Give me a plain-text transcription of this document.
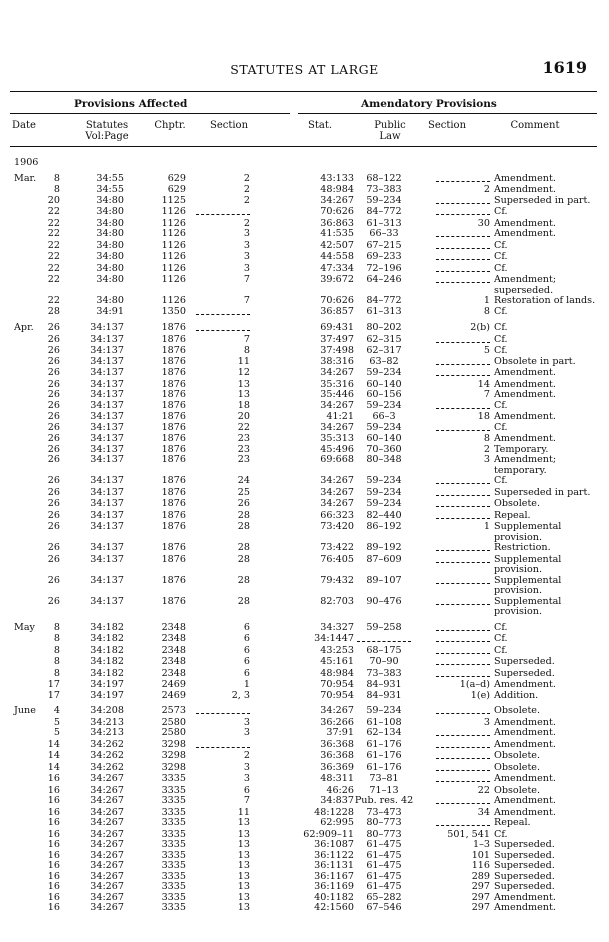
STATUTES AT LARGE	1619
Provisions Affected	Amendatory Provisions
Date	Statutes Vol:Page
Chptr.	Section	Stat.	Public Law
Section	Comment
1906								
Mar.	8	34:55	629	2	43:133	68–122		Amendment.
	8	34:55	629	2	48:984	73–383	2	Amendment.
	20	34:80	1125	2	34:267	59–234		Superseded in part.
	22	34:80	1126		70:626	84–772		Cf.
	22	34:80	1126	2	36:863	61–313	30	Amendment.
	22	34:80	1126	3	41:535	66–33		Amendment.
	22	34:80	1126	3	42:507	67–215		Cf.
	22	34:80	1126	3	44:558	69–233		Cf.
	22	34:80	1126	3	47:334	72–196		Cf.
	22	34:80	1126	7	39:672	64–246		Amendment; superseded.
	22	34:80	1126	7	70:626	84–772	1	Restoration of lands.
	28	34:91	1350		36:857	61–313	8	Cf.
Apr.	26	34:137	1876		69:431	80–202	2(b)	Cf.
	26	34:137	1876	7	37:497	62–315		Cf.
	26	34:137	1876	8	37:498	62–317	5	Cf.
	26	34:137	1876	11	38:316	63–82		Obsolete in part.
	26	34:137	1876	12	34:267	59–234		Amendment.
	26	34:137	1876	13	35:316	60–140	14	Amendment.
	26	34:137	1876	13	35:446	60–156	7	Amendment.
	26	34:137	1876	18	34:267	59–234		Cf.
	26	34:137	1876	20	41:21	66–3	18	Amendment.
	26	34:137	1876	22	34:267	59–234		Cf.
	26	34:137	1876	23	35:313	60–140	8	Amendment.
	26	34:137	1876	23	45:496	70–360	2	Temporary.
	26	34:137	1876	23	69:668	80–348	3	Amendment; temporary.
	26	34:137	1876	24	34:267	59–234		Cf.
	26	34:137	1876	25	34:267	59–234		Superseded in part.
	26	34:137	1876	26	34:267	59–234		Obsolete.
	26	34:137	1876	28	66:323	82–440		Repeal.
	26	34:137	1876	28	73:420	86–192	1	Supplemental provision.
	26	34:137	1876	28	73:422	89–192		Restriction.
	26	34:137	1876	28	76:405	87–609		Supplemental provision.
	26	34:137	1876	28	79:432	89–107		Supplemental provision.
	26	34:137	1876	28	82:703	90–476		Supplemental provision.
May	8	34:182	2348	6	34:327	59–258		Cf.
	8	34:182	2348	6	34:1447			Cf.
	8	34:182	2348	6	43:253	68–175		Cf.
	8	34:182	2348	6	45:161	70–90		Superseded.
	8	34:182	2348	6	48:984	73–383		Superseded.
	17	34:197	2469	1	70:954	84–931	1(a–d)	Amendment.
	17	34:197	2469	2, 3	70:954	84–931	1(e)	Addition.
June	4	34:208	2573		34:267	59–234		Obsolete.
	5	34:213	2580	3	36:266	61–108	3	Amendment.
	5	34:213	2580	3	37:91	62–134		Amendment.
	14	34:262	3298		36:368	61–176		Amendment.
	14	34:262	3298	2	36:368	61–176		Obsolete.
	14	34:262	3298	3	36:369	61–176		Obsolete.
	16	34:267	3335	3	48:311	73–81		Amendment.
	16	34:267	3335	6	46:26	71–13	22	Obsolete.
	16	34:267	3335	7	34:837	Pub. res. 42		Amendment.
	16	34:267	3335	11	48:1228	73–473	34	Amendment.
	16	34:267	3335	13	62:995	80–773		Repeal.
	16	34:267	3335	13	62:909–11	80–773	501, 541	Cf.
	16	34:267	3335	13	36:1087	61–475	1–3	Superseded.
	16	34:267	3335	13	36:1122	61–475	101	Superseded.
	16	34:267	3335	13	36:1131	61–475	116	Superseded.
	16	34:267	3335	13	36:1167	61–475	289	Superseded.
	16	34:267	3335	13	36:1169	61–475	297	Superseded.
	16	34:267	3335	13	40:1182	65–282	297	Amendment.
	16	34:267	3335	13	42:1560	67–546	297	Amendment.
